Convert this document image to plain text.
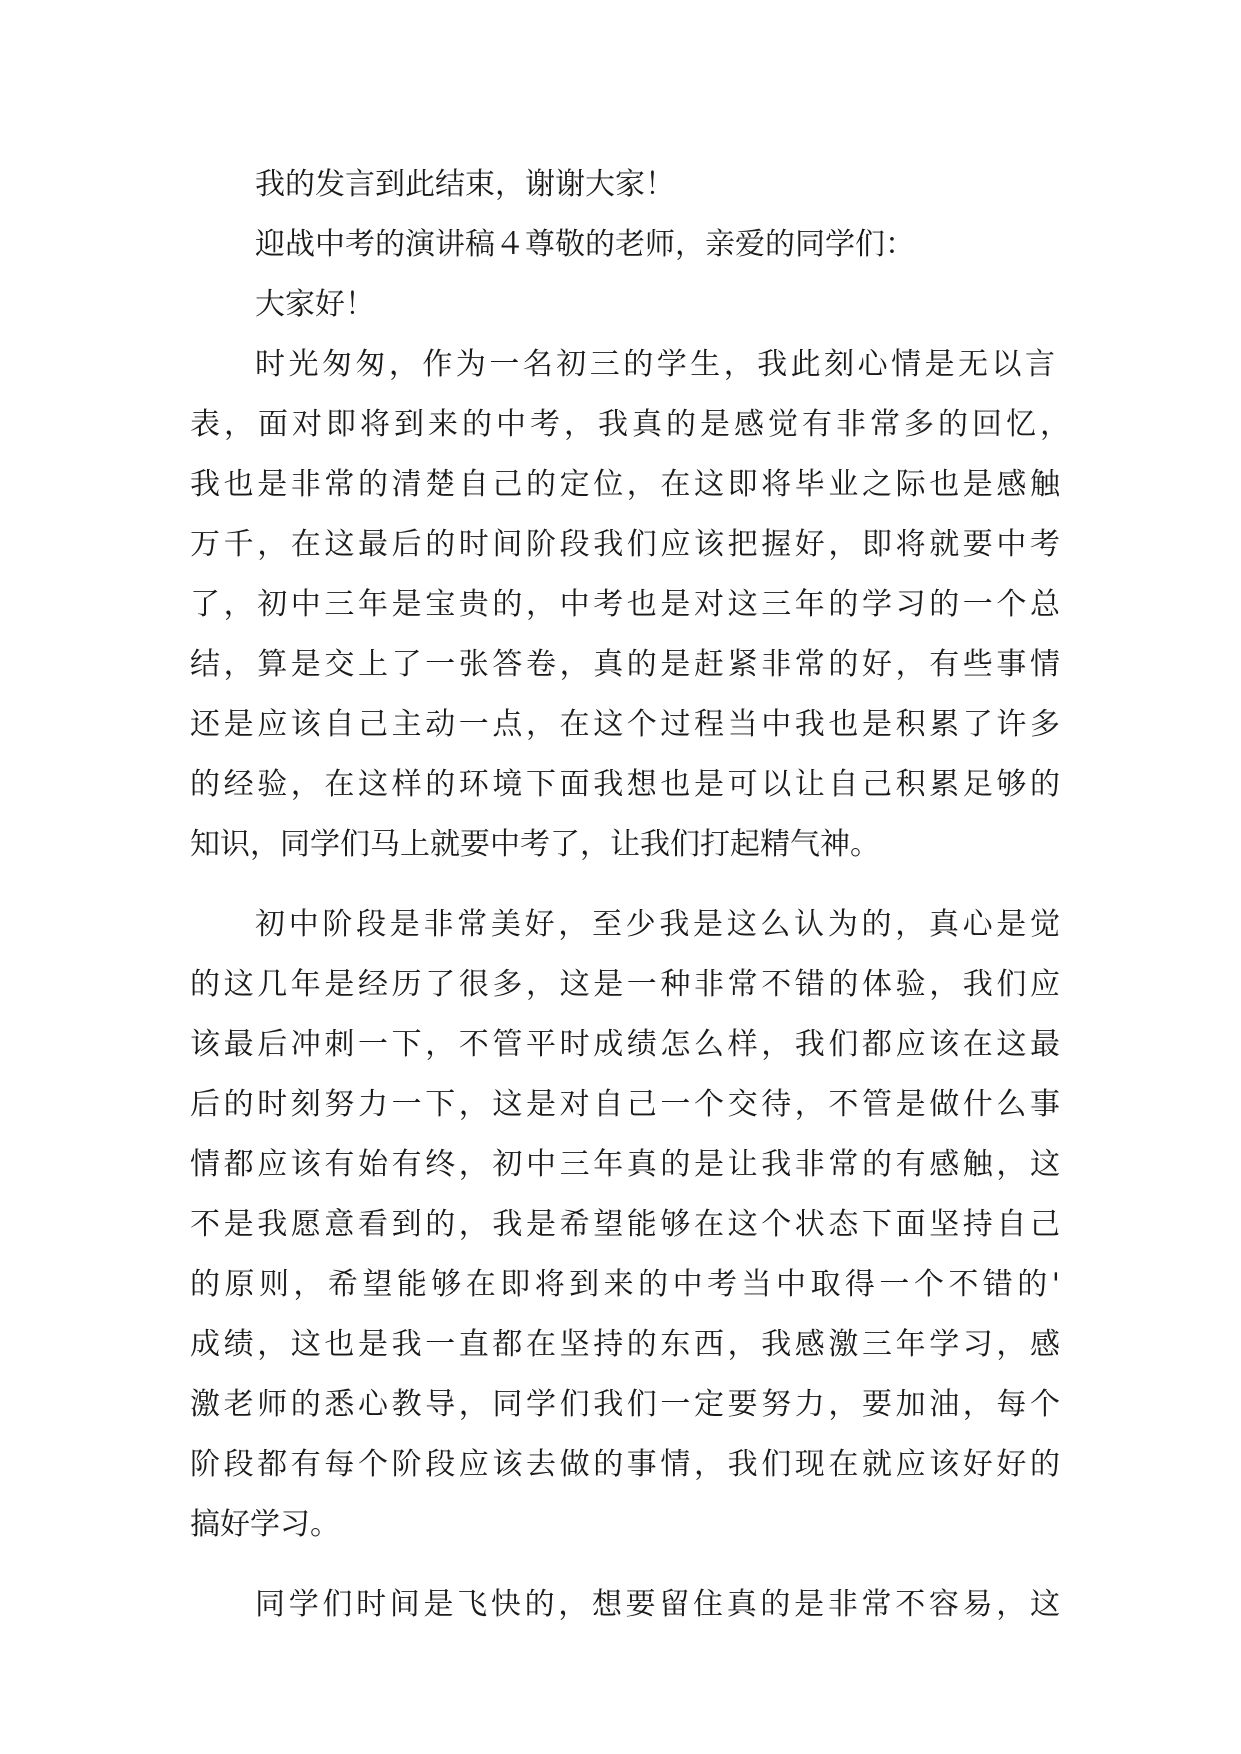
我的发言到此结束，谢谢大家！

迎战中考的演讲稿４尊敬的老师，亲爱的同学们：

大家好！

时光匆匆，作为一名初三的学生，我此刻心情是无以言

表，面对即将到来的中考，我真的是感觉有非常多的回忆，

我也是非常的清楚自己的定位，在这即将毕业之际也是感触

万千，在这最后的时间阶段我们应该把握好，即将就要中考

了，初中三年是宝贵的，中考也是对这三年的学习的一个总

结，算是交上了一张答卷，真的是赶紧非常的好，有些事情

还是应该自己主动一点，在这个过程当中我也是积累了许多

的经验，在这样的环境下面我想也是可以让自己积累足够的

知识，同学们马上就要中考了，让我们打起精气神。

初中阶段是非常美好，至少我是这么认为的，真心是觉

的这几年是经历了很多，这是一种非常不错的体验，我们应

该最后冲刺一下，不管平时成绩怎么样，我们都应该在这最

后的时刻努力一下，这是对自己一个交待，不管是做什么事

情都应该有始有终，初中三年真的是让我非常的有感触，这

不是我愿意看到的，我是希望能够在这个状态下面坚持自己

的原则，希望能够在即将到来的中考当中取得一个不错的'

成绩，这也是我一直都在坚持的东西，我感激三年学习，感

激老师的悉心教导，同学们我们一定要努力，要加油，每个

阶段都有每个阶段应该去做的事情，我们现在就应该好好的

搞好学习。

同学们时间是飞快的，想要留住真的是非常不容易，这
